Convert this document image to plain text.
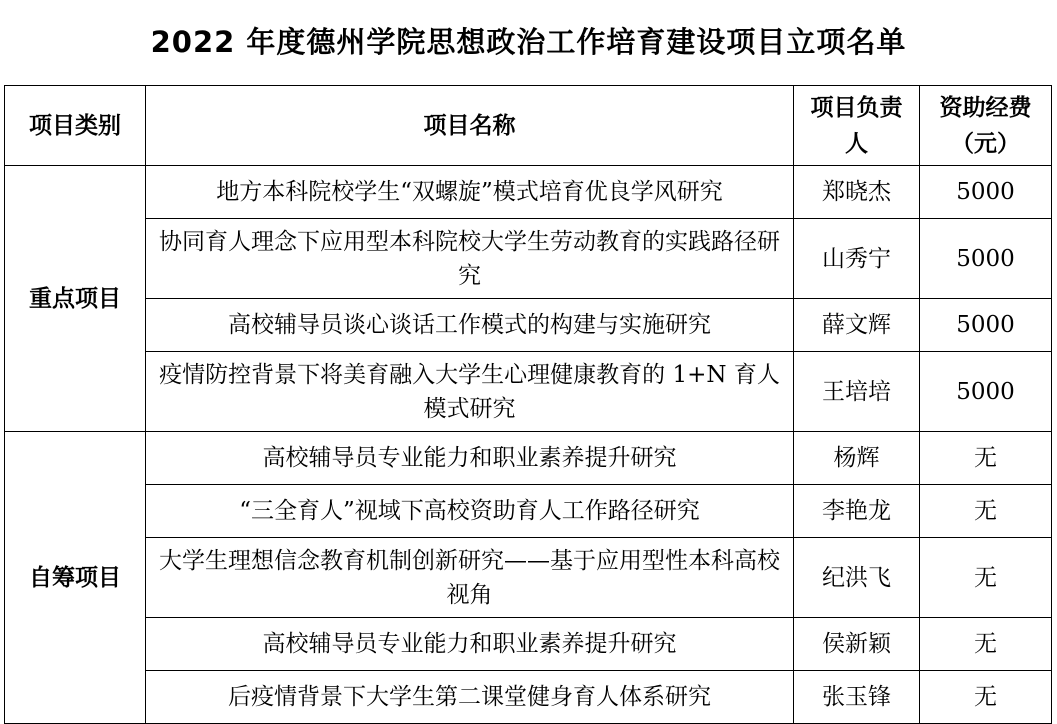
2022 年度德州学院思想政治工作培育建设项目立项名单
项目类别	项目名称	项目负责人	资助经费（元）
重点项目	地方本科院校学生“双螺旋”模式培育优良学风研究	郑晓杰	5000
	协同育人理念下应用型本科院校大学生劳动教育的实践路径研究	山秀宁	5000
	高校辅导员谈心谈话工作模式的构建与实施研究	薛文辉	5000
	疫情防控背景下将美育融入大学生心理健康教育的 1+N 育人模式研究	王培培	5000
自筹项目	高校辅导员专业能力和职业素养提升研究	杨辉	无
	“三全育人”视域下高校资助育人工作路径研究	李艳龙	无
	大学生理想信念教育机制创新研究——基于应用型性本科高校视角	纪洪飞	无
	高校辅导员专业能力和职业素养提升研究	侯新颖	无
	后疫情背景下大学生第二课堂健身育人体系研究	张玉锋	无
